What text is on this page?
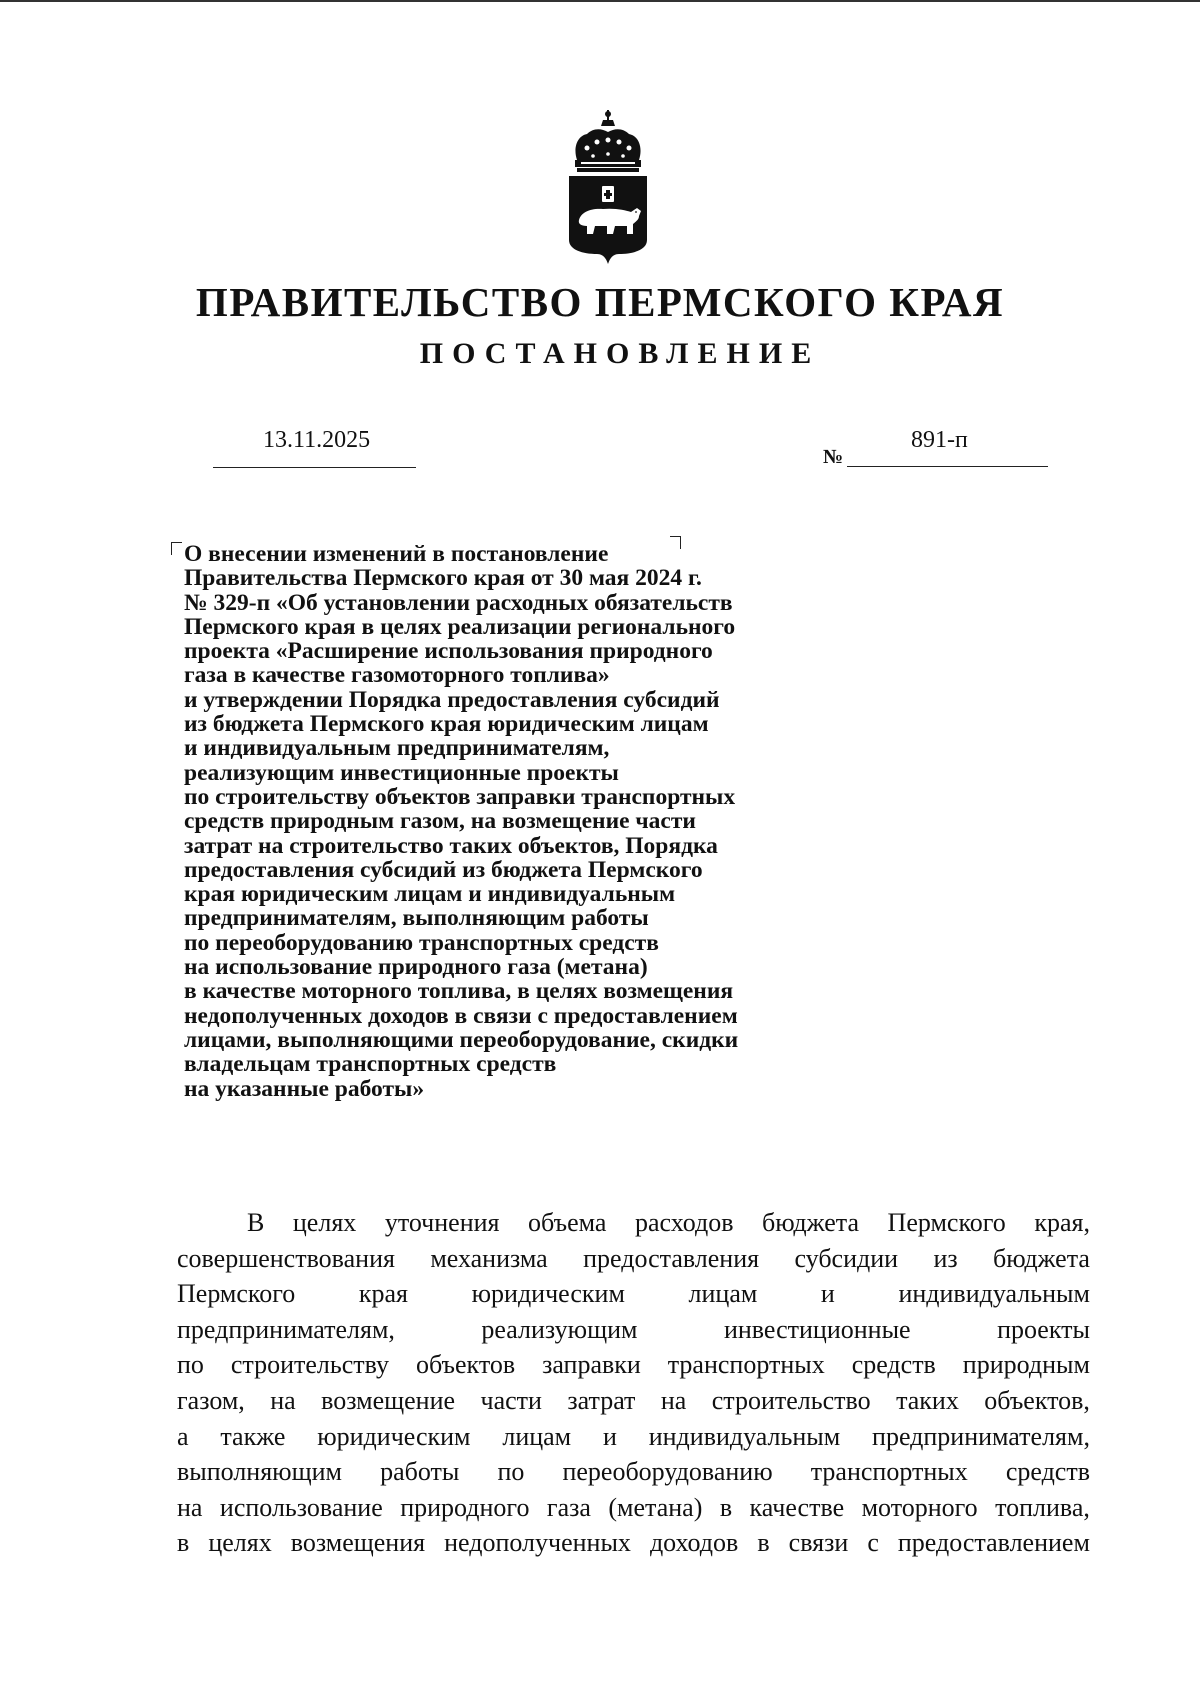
ПРАВИТЕЛЬСТВО ПЕРМСКОГО КРАЯ
ПОСТАНОВЛЕНИЕ
13.11.2025
№
891-п
О внесении изменений в постановление
Правительства Пермского края от 30 мая 2024 г.
№ 329-п «Об установлении расходных обязательств
Пермского края в целях реализации регионального
проекта «Расширение использования природного
газа в качестве газомоторного топлива»
и утверждении Порядка предоставления субсидий
из бюджета Пермского края юридическим лицам
и индивидуальным предпринимателям,
реализующим инвестиционные проекты
по строительству объектов заправки транспортных
средств природным газом, на возмещение части
затрат на строительство таких объектов, Порядка
предоставления субсидий из бюджета Пермского
края юридическим лицам и индивидуальным
предпринимателям, выполняющим работы
по переоборудованию транспортных средств
на использование природного газа (метана)
в качестве моторного топлива, в целях возмещения
недополученных доходов в связи с предоставлением
лицами, выполняющими переоборудование, скидки
владельцам транспортных средств
на указанные работы»
В целях уточнения объема расходов бюджета Пермского края,
совершенствования механизма предоставления субсидии из бюджета
Пермского края юридическим лицам и индивидуальным
предпринимателям,	реализующим	инвестиционные	проекты
по строительству объектов заправки транспортных средств природным
газом, на возмещение части затрат на строительство таких объектов,
а также юридическим лицам и индивидуальным предпринимателям,
выполняющим работы по переоборудованию транспортных средств
на использование природного газа (метана) в качестве моторного топлива,
в целях возмещения недополученных доходов в связи с предоставлением
